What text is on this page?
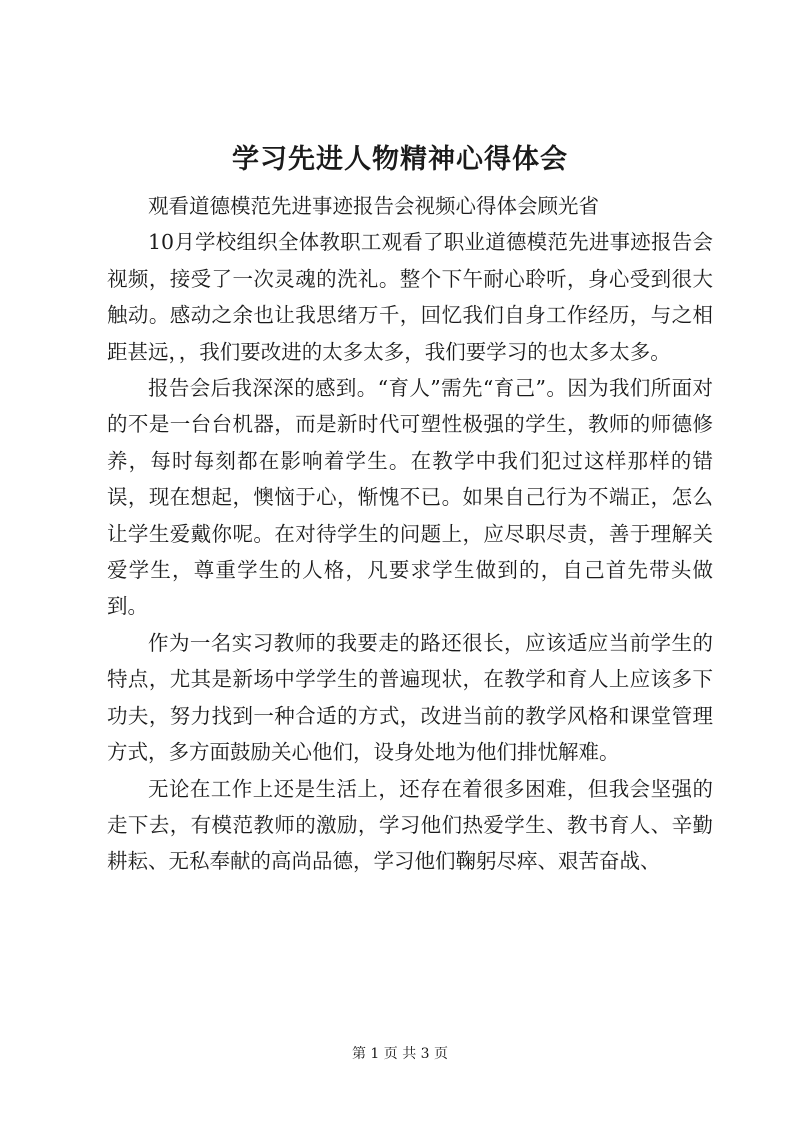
学习先进人物精神心得体会

观看道德模范先进事迹报告会视频心得体会顾光省

10月学校组织全体教职工观看了职业道德模范先进事迹报告会视频，接受了一次灵魂的洗礼。整个下午耐心聆听，身心受到很大触动。感动之余也让我思绪万千，回忆我们自身工作经历，与之相距甚远，，我们要改进的太多太多，我们要学习的也太多太多。

报告会后我深深的感到。“育人”需先“育己”。因为我们所面对的不是一台台机器，而是新时代可塑性极强的学生，教师的师德修养，每时每刻都在影响着学生。在教学中我们犯过这样那样的错误，现在想起，懊恼于心，惭愧不已。如果自己行为不端正，怎么让学生爱戴你呢。在对待学生的问题上，应尽职尽责，善于理解关爱学生，尊重学生的人格，凡要求学生做到的，自己首先带头做到。

作为一名实习教师的我要走的路还很长，应该适应当前学生的特点，尤其是新场中学学生的普遍现状，在教学和育人上应该多下功夫，努力找到一种合适的方式，改进当前的教学风格和课堂管理方式，多方面鼓励关心他们，设身处地为他们排忧解难。

无论在工作上还是生活上，还存在着很多困难，但我会坚强的走下去，有模范教师的激励，学习他们热爱学生、教书育人、辛勤耕耘、无私奉献的高尚品德，学习他们鞠躬尽瘁、艰苦奋战、

第 1 页 共 3 页
